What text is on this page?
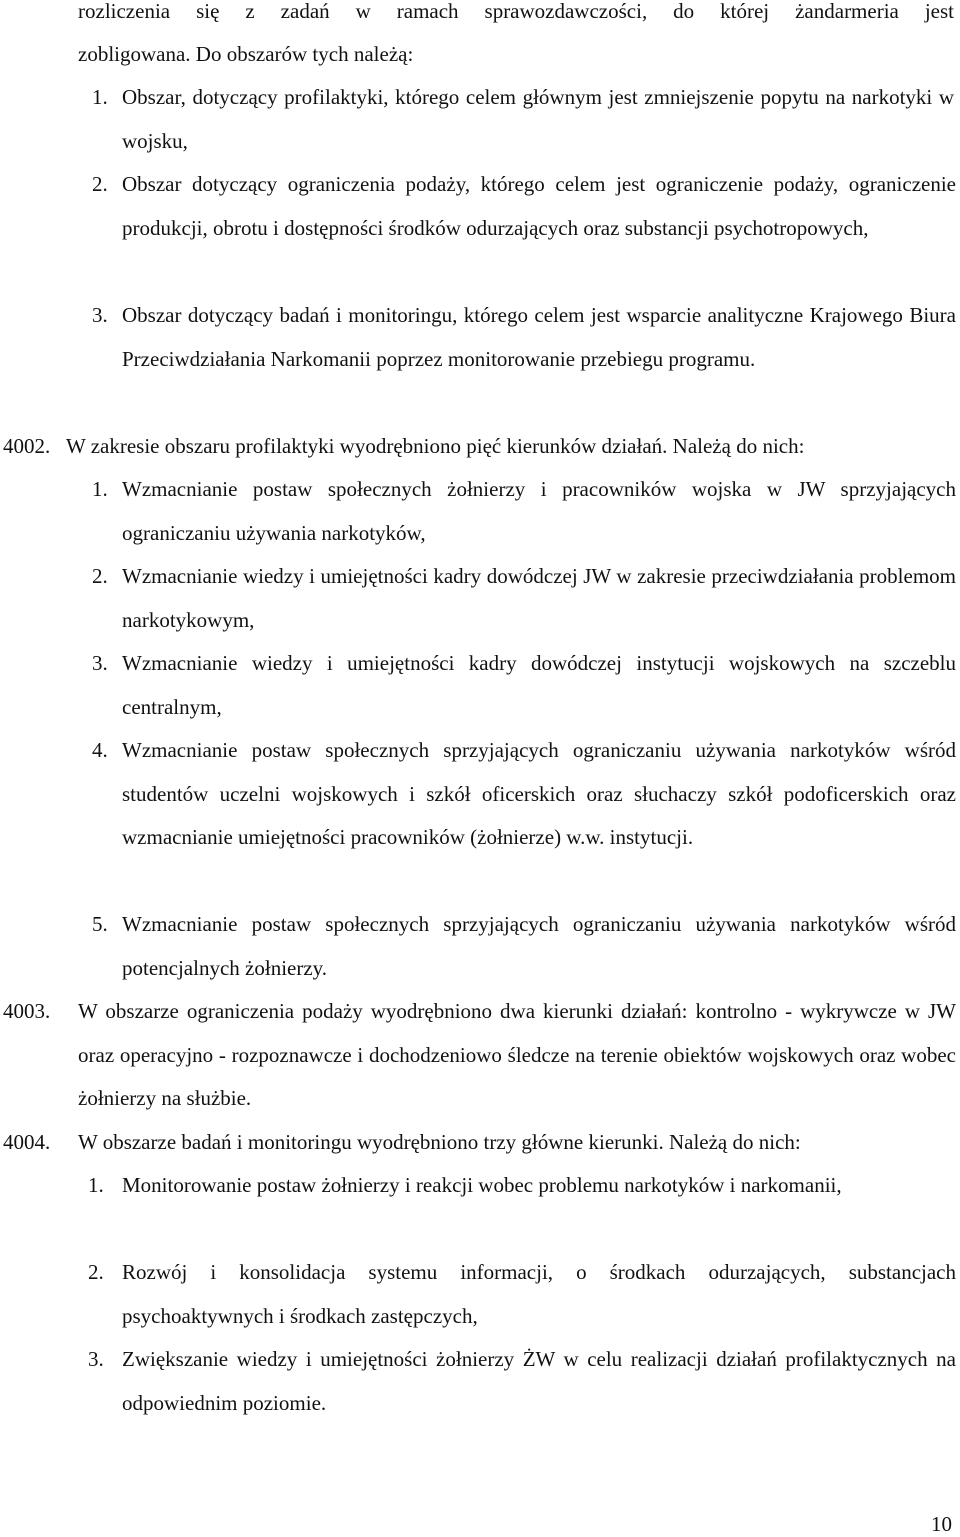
rozliczenia się z zadań w ramach sprawozdawczości, do której żandarmeria jest
zobligowana. Do obszarów tych należą:
1. Obszar, dotyczący profilaktyki, którego celem głównym jest zmniejszenie popytu na narkotyki w wojsku,
2. Obszar dotyczący ograniczenia podaży, którego celem jest ograniczenie podaży, ograniczenie produkcji, obrotu i dostępności środków odurzających oraz substancji psychotropowych,
3. Obszar dotyczący badań i monitoringu, którego celem jest wsparcie analityczne Krajowego Biura Przeciwdziałania Narkomanii poprzez monitorowanie przebiegu programu.
4002. W zakresie obszaru profilaktyki wyodrębniono pięć kierunków działań. Należą do nich:
1. Wzmacnianie postaw społecznych żołnierzy i pracowników wojska w JW sprzyjających ograniczaniu używania narkotyków,
2. Wzmacnianie wiedzy i umiejętności kadry dowódczej JW w zakresie przeciwdziałania problemom narkotykowym,
3. Wzmacnianie wiedzy i umiejętności kadry dowódczej instytucji wojskowych na szczeblu centralnym,
4. Wzmacnianie postaw społecznych sprzyjających ograniczaniu używania narkotyków wśród studentów uczelni wojskowych i szkół oficerskich oraz słuchaczy szkół podoficerskich oraz wzmacnianie umiejętności pracowników (żołnierze) w.w. instytucji.
5. Wzmacnianie postaw społecznych sprzyjających ograniczaniu używania narkotyków wśród potencjalnych żołnierzy.
4003. W obszarze ograniczenia podaży wyodrębniono dwa kierunki działań: kontrolno - wykrywcze w JW oraz operacyjno - rozpoznawcze i dochodzeniowo śledcze na terenie obiektów wojskowych oraz wobec żołnierzy na służbie.
4004. W obszarze badań i monitoringu wyodrębniono trzy główne kierunki. Należą do nich:
1. Monitorowanie postaw żołnierzy i reakcji wobec problemu narkotyków i narkomanii,
2. Rozwój i konsolidacja systemu informacji, o środkach odurzających, substancjach psychoaktywnych i środkach zastępczych,
3. Zwiększanie wiedzy i umiejętności żołnierzy ŻW w celu realizacji działań profilaktycznych na odpowiednim poziomie.
10
